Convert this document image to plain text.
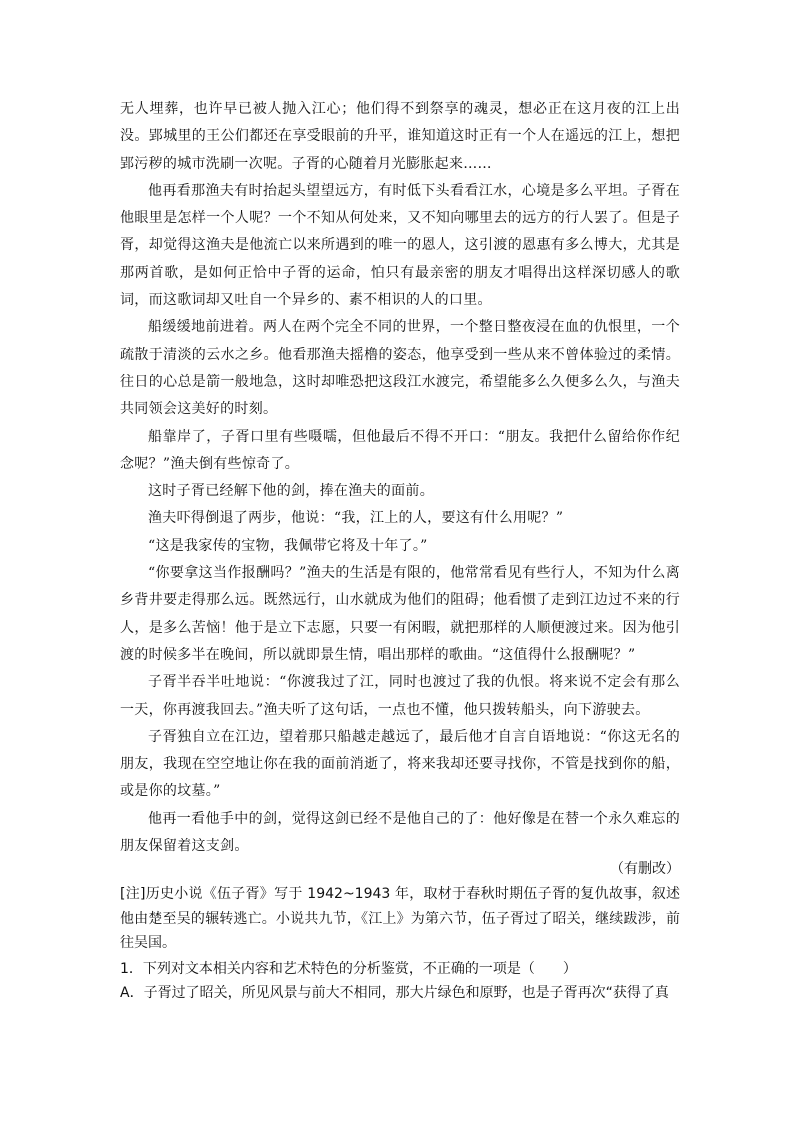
无人埋葬，也许早已被人抛入江心；他们得不到祭享的魂灵，想必正在这月夜的江上出没。郢城里的王公们都还在享受眼前的升平，谁知道这时正有一个人在遥远的江上，想把郢污秽的城市洗刷一次呢。子胥的心随着月光膨胀起来……

他再看那渔夫有时抬起头望望远方，有时低下头看看江水，心境是多么平坦。子胥在他眼里是怎样一个人呢？一个不知从何处来，又不知向哪里去的远方的行人罢了。但是子胥，却觉得这渔夫是他流亡以来所遇到的唯一的恩人，这引渡的恩惠有多么博大，尤其是那两首歌，是如何正恰中子胥的运命，怕只有最亲密的朋友才唱得出这样深切感人的歌词，而这歌词却又吐自一个异乡的、素不相识的人的口里。

船缓缓地前进着。两人在两个完全不同的世界，一个整日整夜浸在血的仇恨里，一个疏散于清淡的云水之乡。他看那渔夫摇橹的姿态，他享受到一些从来不曾体验过的柔情。往日的心总是箭一般地急，这时却唯恐把这段江水渡完，希望能多么久便多么久，与渔夫共同领会这美好的时刻。

船靠岸了，子胥口里有些嗫嚅，但他最后不得不开口：“朋友。我把什么留给你作纪念呢？”渔夫倒有些惊奇了。

这时子胥已经解下他的剑，捧在渔夫的面前。

渔夫吓得倒退了两步，他说：“我，江上的人，要这有什么用呢？”

“这是我家传的宝物，我佩带它将及十年了。”

“你要拿这当作报酬吗？”渔夫的生活是有限的，他常常看见有些行人，不知为什么离乡背井要走得那么远。既然远行，山水就成为他们的阻碍；他看惯了走到江边过不来的行人，是多么苦恼！他于是立下志愿，只要一有闲暇，就把那样的人顺便渡过来。因为他引渡的时候多半在晚间，所以就即景生情，唱出那样的歌曲。“这值得什么报酬呢？”

子胥半吞半吐地说：“你渡我过了江，同时也渡过了我的仇恨。将来说不定会有那么一天，你再渡我回去。”渔夫听了这句话，一点也不懂，他只拨转船头，向下游驶去。

子胥独自立在江边，望着那只船越走越远了，最后他才自言自语地说：“你这无名的朋友，我现在空空地让你在我的面前消逝了，将来我却还要寻找你，不管是找到你的船，或是你的坟墓。”

他再一看他手中的剑，觉得这剑已经不是他自己的了：他好像是在替一个永久难忘的朋友保留着这支剑。

（有删改）

[注]历史小说《伍子胥》写于 1942~1943 年，取材于春秋时期伍子胥的复仇故事，叙述他由楚至吴的辗转逃亡。小说共九节，《江上》为第六节，伍子胥过了昭关，继续跋涉，前往吴国。

1．下列对文本相关内容和艺术特色的分析鉴赏，不正确的一项是（　　）

A．子胥过了昭关，所见风景与前大不相同，那大片绿色和原野，也是子胥再次“获得了真
